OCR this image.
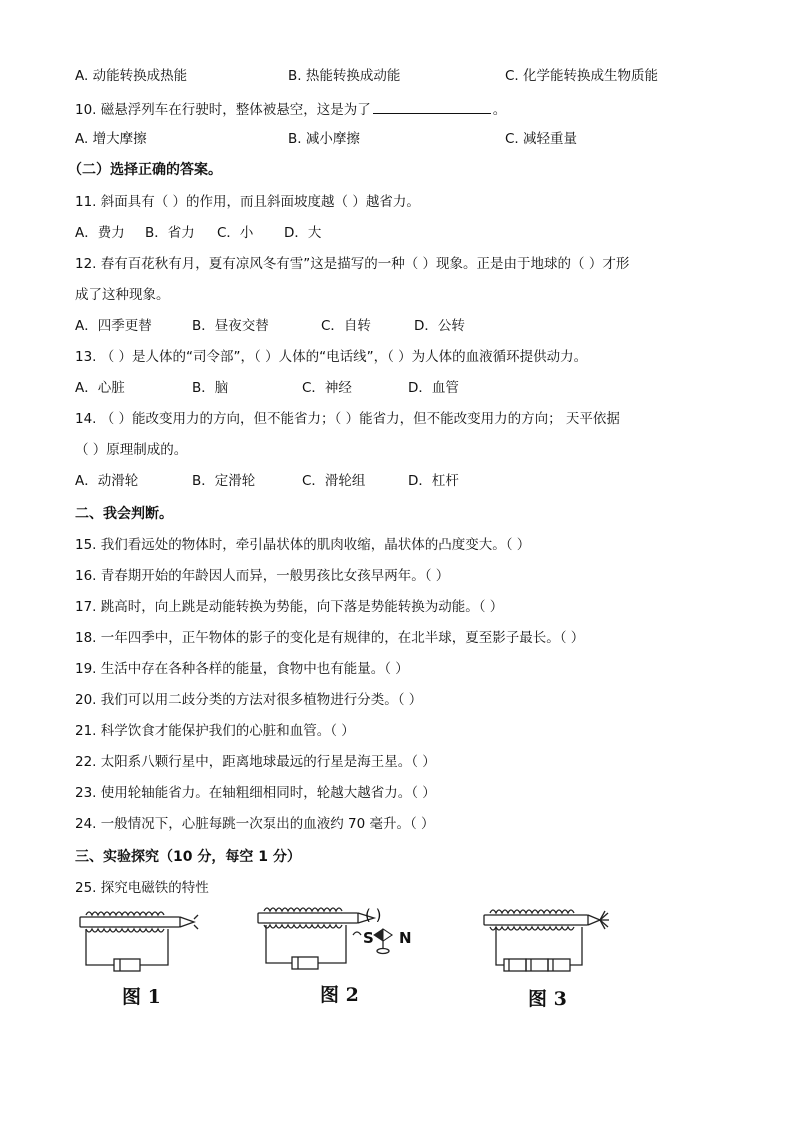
A. 动能转换成热能	B. 热能转换成动能	C. 化学能转换成生物质能
10. 磁悬浮列车在行驶时，整体被悬空，这是为了	。
A. 增大摩擦	B. 减小摩擦	C. 减轻重量
（二）选择正确的答案。
11. 斜面具有（ ）的作用，而且斜面坡度越（ ）越省力。
A．费力 B．省力 C．小 D．大
12. 春有百花秋有月，夏有凉风冬有雪”这是描写的一种（ ）现象。正是由于地球的（ ）才形
成了这种现象。
A．四季更替	B．昼夜交替	C．自转	D．公转
13. （ ）是人体的“司令部”，（ ）人体的“电话线”，（ ）为人体的血液循环提供动力。
A．心脏	B．脑	C．神经	D．血管
14. （ ）能改变用力的方向，但不能省力；（ ）能省力，但不能改变用力的方向； 天平依据
（ ）原理制成的。
A．动滑轮	B．定滑轮	C．滑轮组	D．杠杆
二、我会判断。
15. 我们看远处的物体时，牵引晶状体的肌肉收缩，晶状体的凸度变大。（ ）
16. 青春期开始的年龄因人而异，一般男孩比女孩早两年。（ ）
17. 跳高时，向上跳是动能转换为势能，向下落是势能转换为动能。（ ）
18. 一年四季中，正午物体的影子的变化是有规律的，在北半球，夏至影子最长。（ ）
19. 生活中存在各种各样的能量，食物中也有能量。（ ）
20. 我们可以用二歧分类的方法对很多植物进行分类。（ ）
21. 科学饮食才能保护我们的心脏和血管。（ ）
22. 太阳系八颗行星中，距离地球最远的行星是海王星。（ ）
23. 使用轮轴能省力。在轴粗细相同时，轮越大越省力。（ ）
24. 一般情况下，心脏每跳一次泵出的血液约 70 毫升。（ ）
三、实验探究（10 分，每空 1 分）
25. 探究电磁铁的特性
图 1
( )
S N
图 2	图 3
